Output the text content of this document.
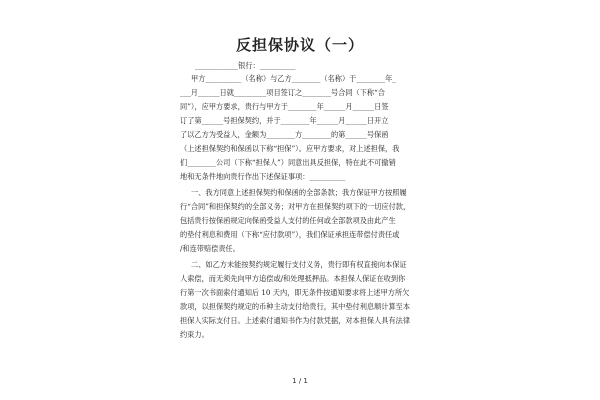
反担保协议（一）
____________银行：__________
甲方__________（名称）与乙方________（名称）于________年_
___月______日就_________项目签订之________号合同（下称“合
同”），应甲方要求，贵行与甲方于________年______月______日签
订了第______号担保契约，并于________年______月______日开立
了以乙方为受益人，金额为________方________的第______号保函
（上述担保契约和保函以下称“担保”）。应甲方要求，对上述担保，我
们________公司（下称“担保人”）同意出具反担保，特在此不可撤销
地和无条件地向贵行作出下述保证事项：__________
一、我方同意上述担保契约和保函的全部条款；我方保证甲方按照履
行“合同”和担保契约的全部义务；对甲方在担保契约项下的一切应付款，
包括贵行按保函规定向保函受益人支付的任何或全部款项及由此产生
的垫付利息和费用（下称“应付款项”），我们保证承担连带偿付责任或
/和连带赔偿责任。
二、如乙方未能按契约规定履行支付义务，贵行即有权直接向本保证
人索偿，而无须先向甲方追偿或/和处理抵押品。本担保人保证在收到你
行第一次书面索付通知后 10 天内，即无条件按通知要求将上述甲方所欠
款项，以担保契约规定的币种主动支付给贵行，其中垫付利息顺计算至本
担保人实际支付日。上述索付通知书作为付款凭据，对本担保人具有法律
约束力。
1 / 1
